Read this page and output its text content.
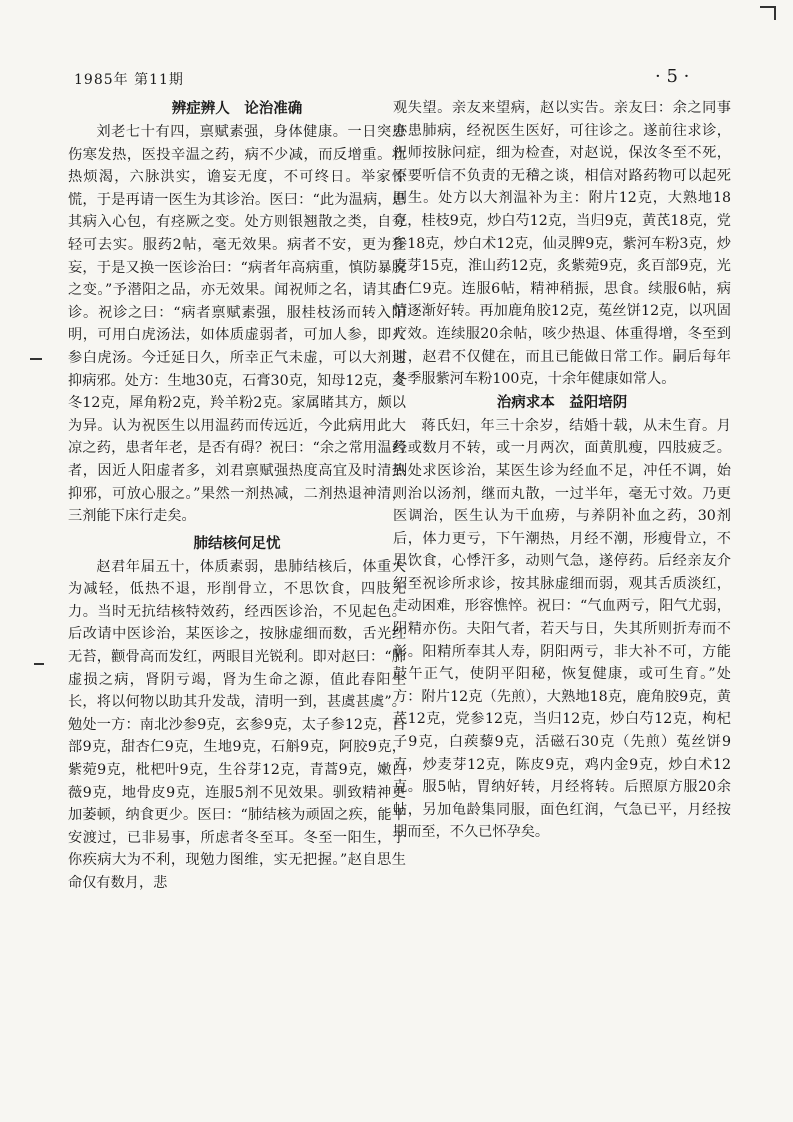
1985年 第11期	· 5 ·

辨症辨人　论治准确

刘老七十有四，禀赋素强，身体健康。一日突患伤寒发热，医投辛温之药，病不少减，而反增重。壮热烦渴，六脉洪实，谵妄无度，不可终日。举家惊慌，于是再请一医生为其诊治。医曰：“此为温病，患其病入心包，有痉厥之变。处方则银翘散之类，自夸轻可去实。服药2帖，毫无效果。病者不安，更为狂妄，于是又换一医诊治曰：“病者年高病重，慎防暴脱之变。”予潜阳之品，亦无效果。闻祝师之名，请其出诊。祝诊之曰：“病者禀赋素强，服桂枝汤而转入阳明，可用白虎汤法，如体质虚弱者，可加人参，即人参白虎汤。今迁延日久，所幸正气未虚，可以大剂速抑病邪。处方：生地30克，石膏30克，知母12克，麦冬12克，犀角粉2克，羚羊粉2克。家属睹其方，颇以为异。认为祝医生以用温药而传远近，今此病用此大凉之药，患者年老，是否有碍？祝曰：“余之常用温药者，因近人阳虚者多，刘君禀赋强热度高宜及时清热抑邪，可放心服之。”果然一剂热减，二剂热退神清，三剂能下床行走矣。

肺结核何足忧

赵君年届五十，体质素弱，患肺结核后，体重大为减轻，低热不退，形削骨立，不思饮食，四肢无力。当时无抗结核特效药，经西医诊治，不见起色。后改请中医诊治，某医诊之，按脉虚细而数，舌光红无苔，颧骨高而发红，两眼目光锐利。即对赵曰：“肺虚损之病，肾阴亏竭，肾为生命之源，值此春阳生长，将以何物以助其升发哉，清明一到，甚虞甚虞”。勉处一方：南北沙参9克，玄参9克，太子参12克，百部9克，甜杏仁9克，生地9克，石斛9克，阿胶9克，紫菀9克，枇杷叶9克，生谷芽12克，青蒿9克，嫩白薇9克，地骨皮9克，连服5剂不见效果。驯致精神更加萎顿，纳食更少。医曰：“肺结核为顽固之疾，能平安渡过，已非易事，所虑者冬至耳。冬至一阳生，于你疾病大为不利，现勉力图维，实无把握。”赵自思生命仅有数月，悲

观失望。亲友来望病，赵以实告。亲友曰：余之同事亦患肺病，经祝医生医好，可往诊之。遂前往求诊，祝师按脉问症，细为检查，对赵说，保汝冬至不死，不要听信不负责的无稽之谈，相信对路药物可以起死回生。处方以大剂温补为主：附片12克，大熟地18克，桂枝9克，炒白芍12克，当归9克，黄芪18克，党参18克，炒白术12克，仙灵脾9克，紫河车粉3克，炒麦芽15克，淮山药12克，炙紫菀9克，炙百部9克，光杏仁9克。连服6帖，精神稍振，思食。续服6帖，病情逐渐好转。再加鹿角胶12克，菟丝饼12克，以巩固疗效。连续服20余帖，咳少热退、体重得增，冬至到时，赵君不仅健在，而且已能做日常工作。嗣后每年冬季服紫河车粉100克，十余年健康如常人。

治病求本　益阳培阴

蒋氏妇，年三十余岁，结婚十载，从未生育。月经或数月不转，或一月两次，面黄肌瘦，四肢疲乏。到处求医诊治，某医生诊为经血不足，冲任不调，始则治以汤剂，继而丸散，一过半年，毫无寸效。乃更医调治，医生认为干血痨，与养阴补血之药，30剂后，体力更亏，下午潮热，月经不潮，形瘦骨立，不思饮食，心悸汗多，动则气急，遂停药。后经亲友介绍至祝诊所求诊，按其脉虚细而弱，观其舌质淡红，走动困难，形容憔悴。祝曰：“气血两亏，阳气尤弱，阴精亦伤。夫阳气者，若天与日，失其所则折寿而不彰。阳精所奉其人寿，阴阳两亏，非大补不可，方能鼓午正气，使阴平阳秘，恢复健康，或可生育。”处方：附片12克（先煎），大熟地18克，鹿角胶9克，黄芪12克，党参12克，当归12克，炒白芍12克，枸杞子9克，白蒺藜9克，活磁石30克（先煎）菟丝饼9克，炒麦芽12克，陈皮9克，鸡内金9克，炒白术12克。服5帖，胃纳好转，月经将转。后照原方服20余帖，另加龟龄集同服，面色红润，气急已平，月经按期而至，不久已怀孕矣。
